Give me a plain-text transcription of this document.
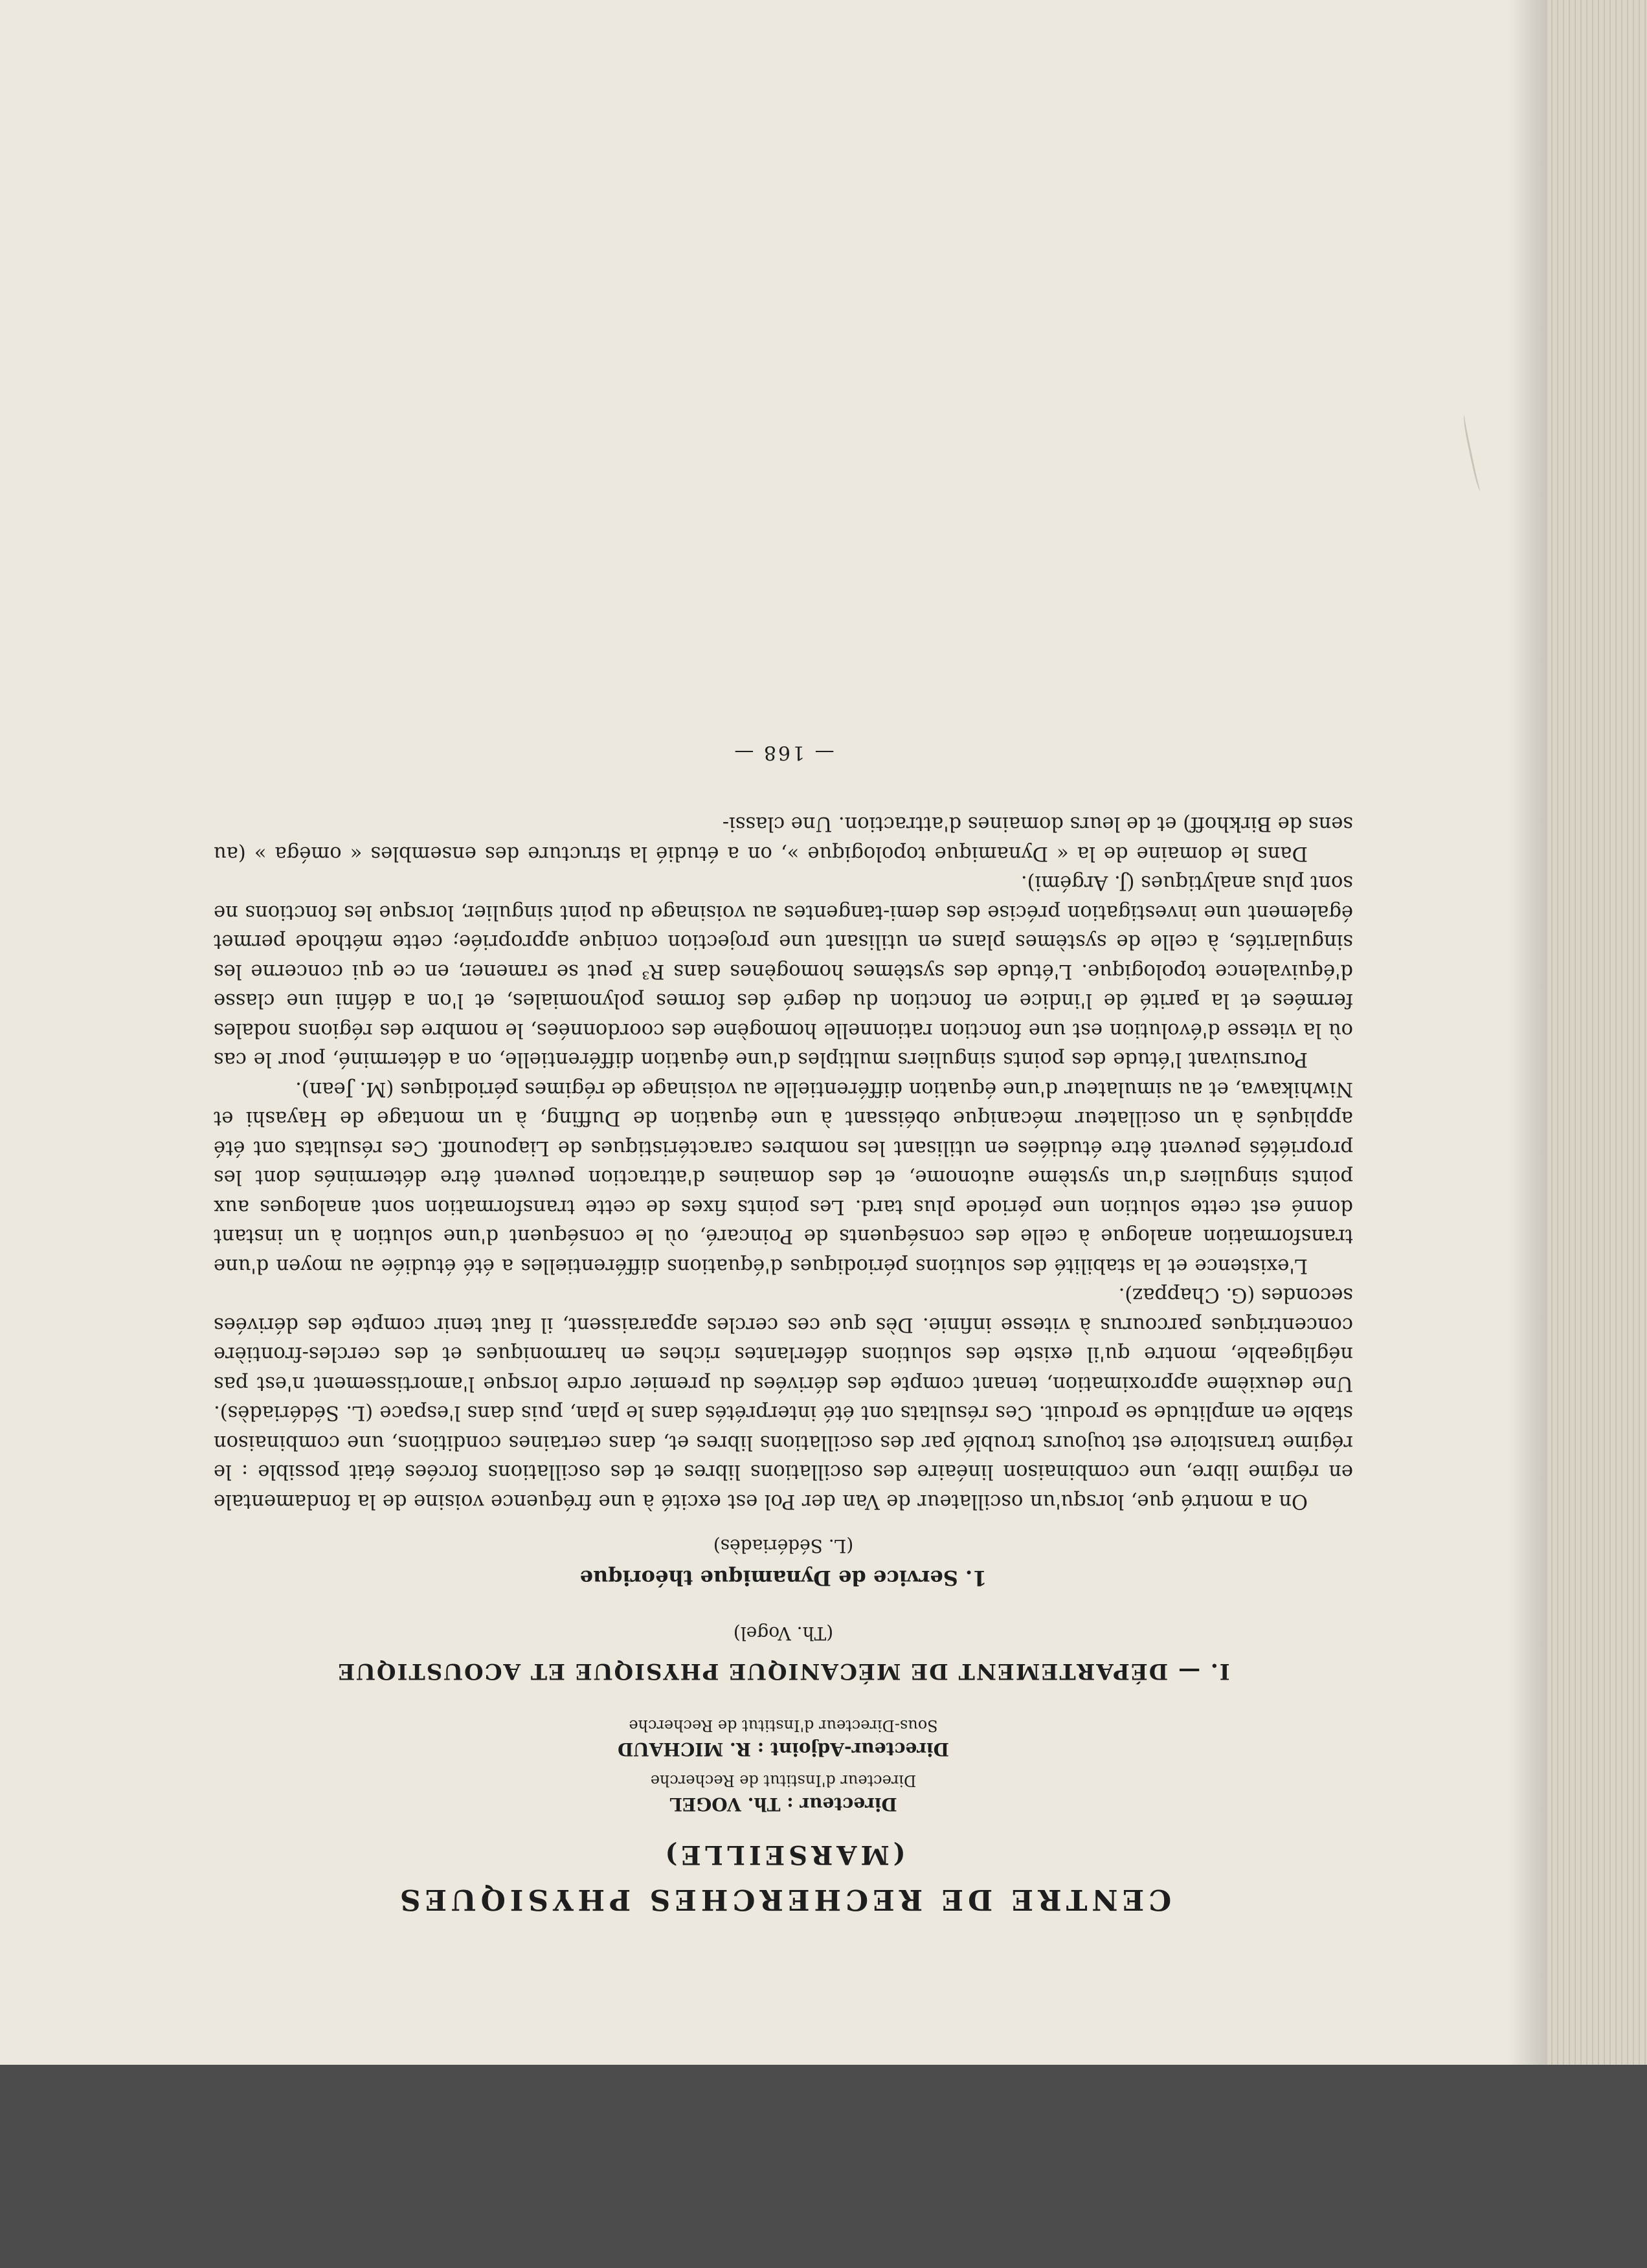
CENTRE DE RECHERCHES PHYSIQUES
(MARSEILLE)
Directeur : Th. VOGEL
Directeur d'Institut de Recherche
Directeur-Adjoint : R. MICHAUD
Sous-Directeur d'Institut de Recherche
I. — DÉPARTEMENT DE MÉCANIQUE PHYSIQUE ET ACOUSTIQUE
(Th. Vogel)
1. Service de Dynamique théorique
(L. Sédériadès)

On a montré que, lorsqu'un oscillateur de Van der Pol est excité à une fréquence voisine de la fondamentale en régime libre, une combinaison linéaire des oscillations libres et des oscillations forcées était possible : le régime transitoire est toujours troublé par des oscillations libres et, dans certaines conditions, une combinaison stable en amplitude se produit. Ces résultats ont été interprétés dans le plan, puis dans l'espace (L. Sédériadès). Une deuxième approximation, tenant compte des dérivées du premier ordre lorsque l'amortissement n'est pas négligeable, montre qu'il existe des solutions déferlantes riches en harmoniques et des cercles-frontière concentriques parcourus à vitesse infinie. Dès que ces cercles apparaissent, il faut tenir compte des dérivées secondes (G. Chappaz).

L'existence et la stabilité des solutions périodiques d'équations différentielles a été étudiée au moyen d'une transformation analogue à celle des conséquents de Poincaré, où le conséquent d'une solution à un instant donné est cette solution une période plus tard. Les points fixes de cette transformation sont analogues aux points singuliers d'un système autonome, et des domaines d'attraction peuvent être déterminés dont les propriétés peuvent être étudiées en utilisant les nombres caractéristiques de Liapounoff. Ces résultats ont été appliqués à un oscillateur mécanique obéissant à une équation de Duffing, à un montage de Hayashi et Niwhikawa, et au simulateur d'une équation différentielle au voisinage de régimes périodiques (M. Jean).

Poursuivant l'étude des points singuliers multiples d'une équation différentielle, on a déterminé, pour le cas où la vitesse d'évolution est une fonction rationnelle homogène des coordonnées, le nombre des régions nodales fermées et la parité de l'indice en fonction du degré des formes polynomiales, et l'on a défini une classe d'équivalence topologique. L'étude des systèmes homogènes dans R³ peut se ramener, en ce qui concerne les singularités, à celle de systèmes plans en utilisant une projection conique appropriée; cette méthode permet également une investigation précise des demi-tangentes au voisinage du point singulier, lorsque les fonctions ne sont plus analytiques (J. Argémi).

Dans le domaine de la « Dynamique topologique », on a étudié la structure des ensembles « oméga » (au sens de Birkhoff) et de leurs domaines d'attraction. Une classi-

— 168 —
